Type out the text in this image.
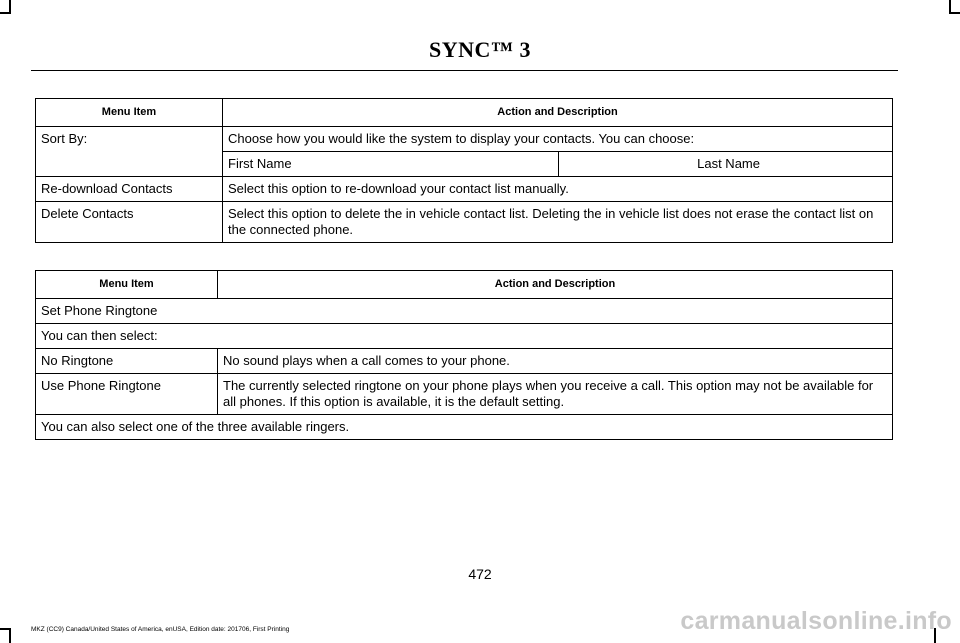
SYNC™ 3
Menu Item	Action and Description	
Sort By:	Choose how you would like the system to display your contacts. You can choose:	
	First Name	Last Name
Re-download Contacts	Select this option to re-download your contact list manually.	
Delete Contacts	Select this option to delete the in vehicle contact list. Deleting the in vehicle list does not erase the contact list on the connected phone.	
Menu Item	Action and Description
Set Phone Ringtone	
You can then select:	
No Ringtone	No sound plays when a call comes to your phone.
Use Phone Ringtone	The currently selected ringtone on your phone plays when you receive a call. This option may not be available for all phones. If this option is available, it is the default setting.
You can also select one of the three available ringers.	
472
MKZ (CC9) Canada/United States of America, enUSA, Edition date: 201706, First Printing	carmanualsonline.info
